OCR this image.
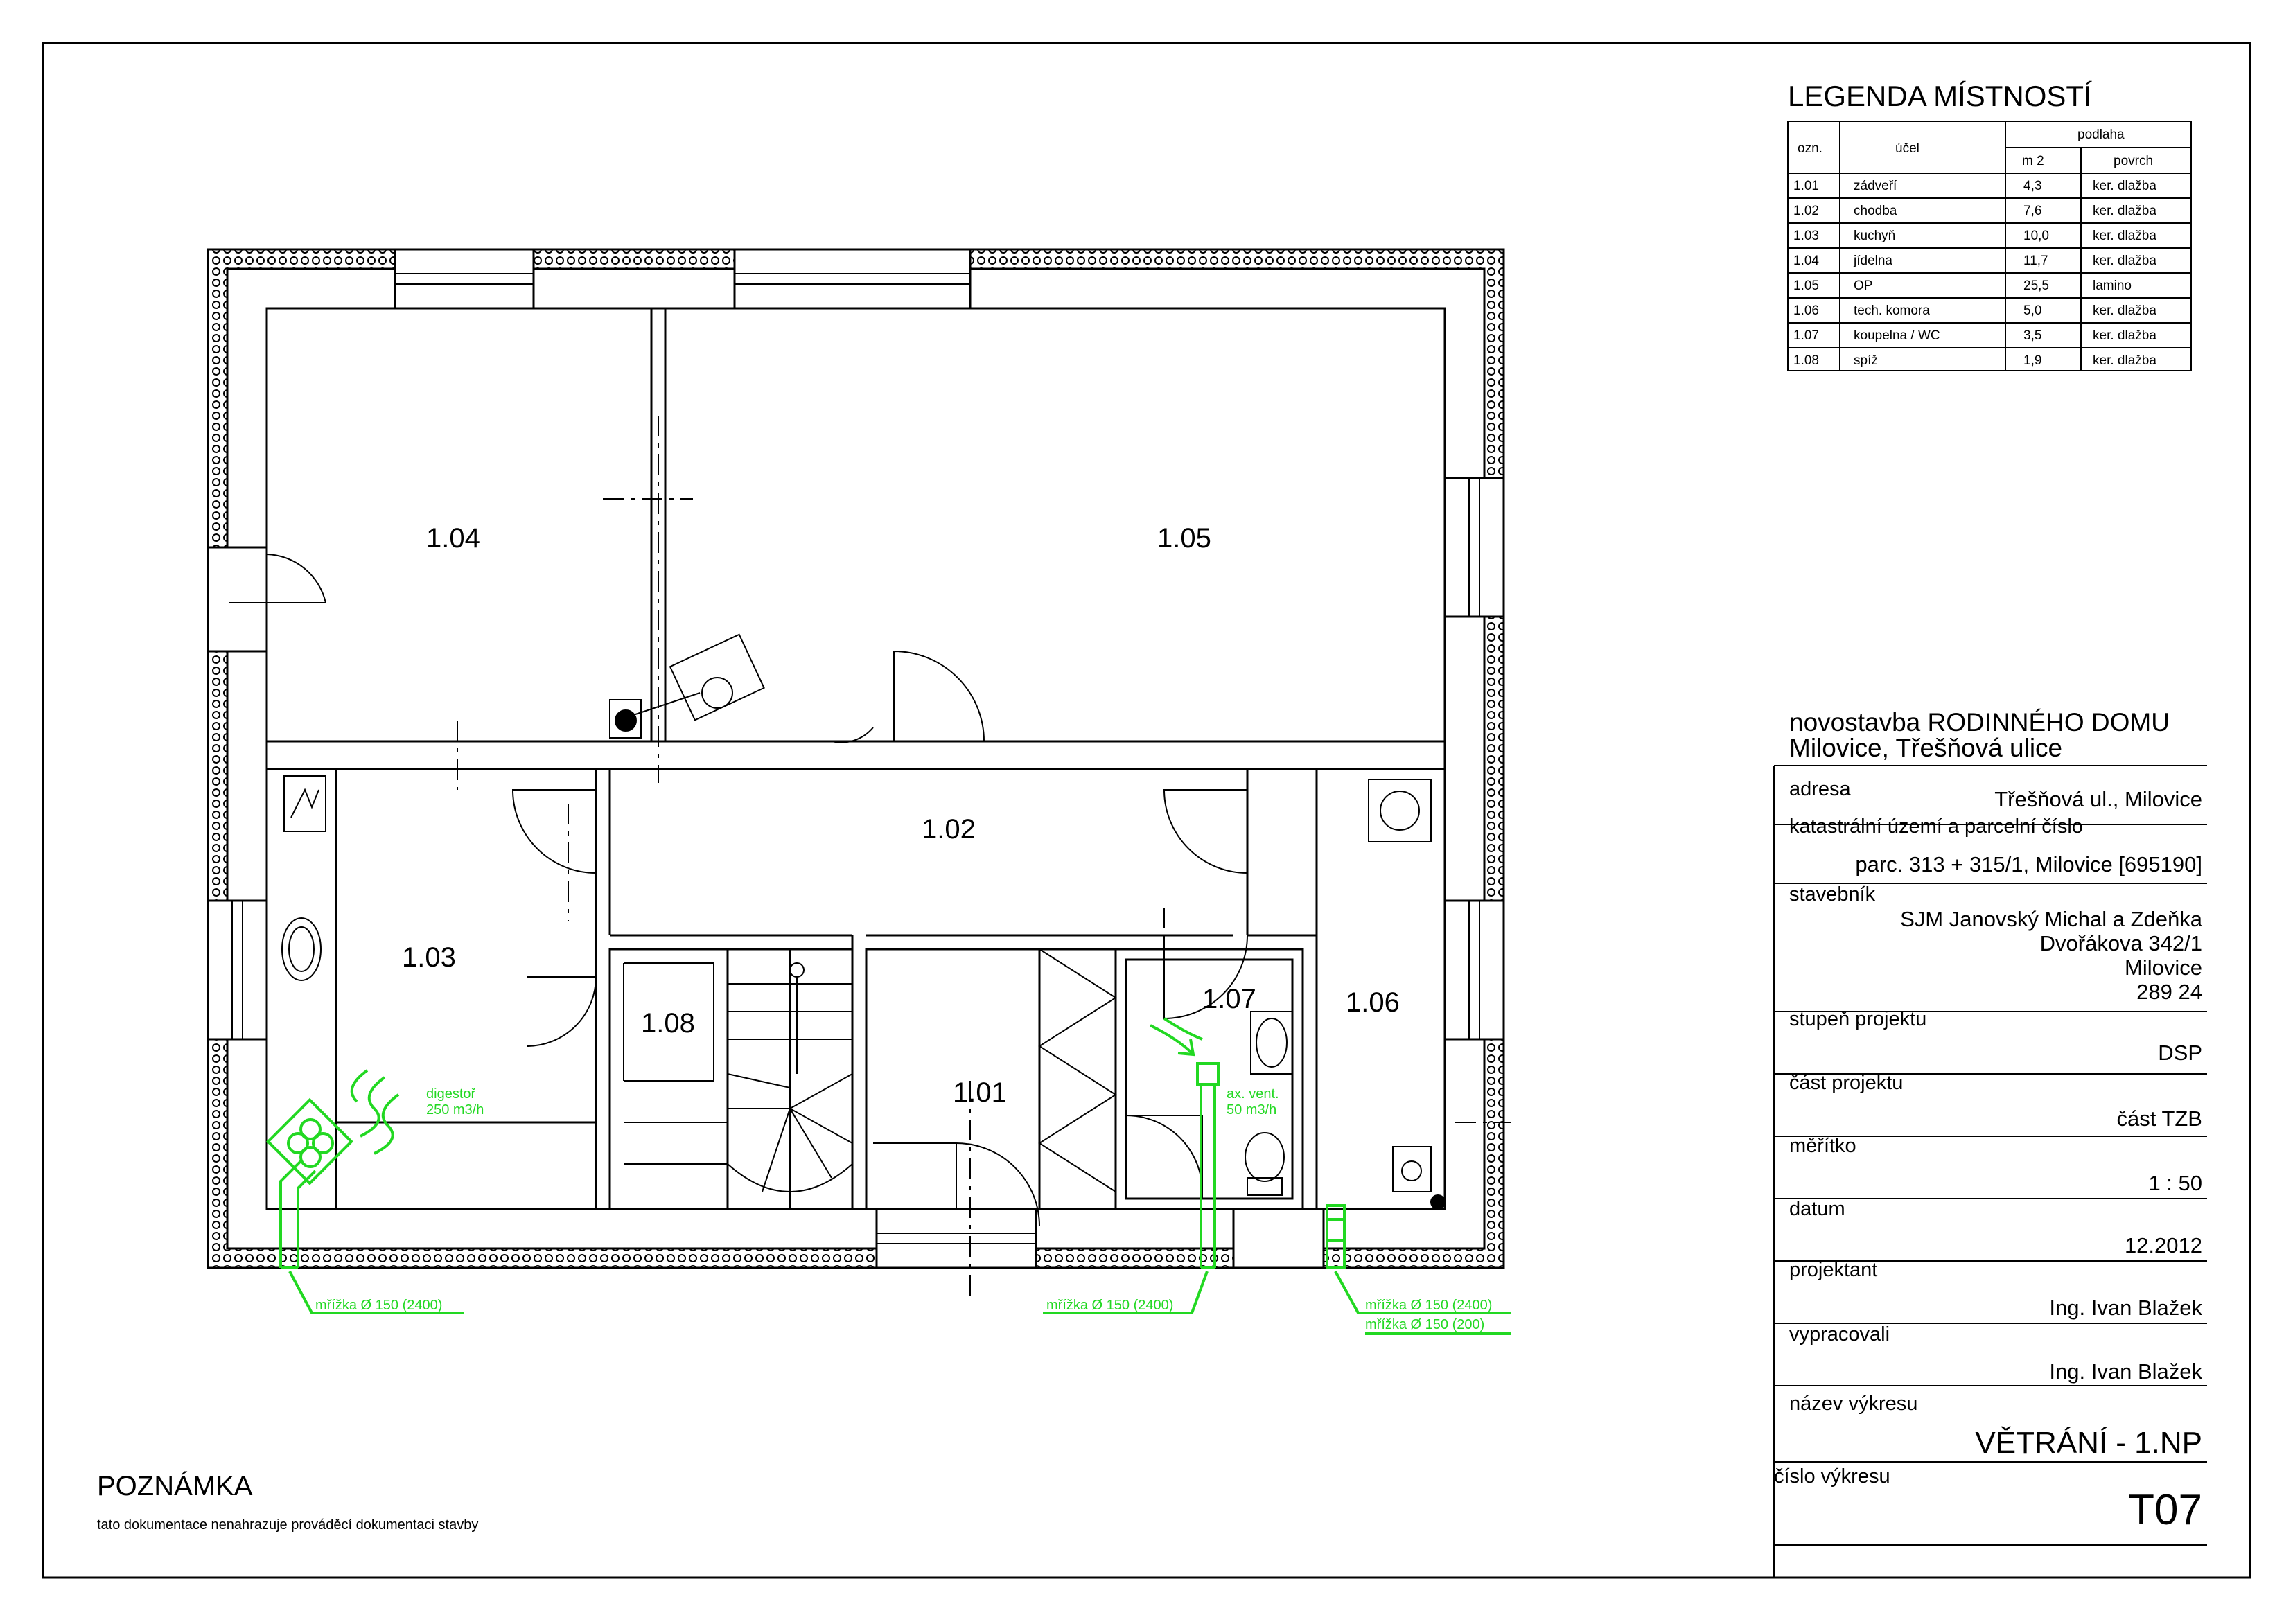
1.04	1.05
1.02
1.03
1.08
1.01
1.07	1.06
digestoř
250 m3/h
ax. vent.
50 m3/h
mřížka Ø 150 (2400)	mřížka Ø 150 (2400)	mřížka Ø 150 (2400)
mřížka Ø 150 (200)
LEGENDA MÍSTNOSTÍ
ozn.	účel
podlaha
m 2	povrch
1.01	zádveří	4,3	ker. dlažba
1.02	chodba	7,6	ker. dlažba
1.03	kuchyň	10,0	ker. dlažba
1.04	jídelna	11,7	ker. dlažba
1.05	OP	25,5	lamino
1.06	tech. komora	5,0	ker. dlažba
1.07	koupelna / WC	3,5	ker. dlažba
1.08	spíž	1,9	ker. dlažba
novostavba RODINNÉHO DOMU
Milovice, Třešňová ulice
adresa	Třešňová ul., Milovice
katastrální území a parcelní číslo
parc. 313 + 315/1, Milovice [695190]
stavebník
SJM Janovský Michal a Zdeňka
Dvořákova 342/1
Milovice
289 24
stupeň projektu
DSP
část projektu
část TZB
měřítko
1 : 50
datum
12.2012
projektant
Ing. Ivan Blažek
vypracovali
Ing. Ivan Blažek
název výkresu
VĚTRÁNÍ - 1.NP
číslo výkresu
T07
POZNÁMKA
tato dokumentace nenahrazuje prováděcí dokumentaci stavby
